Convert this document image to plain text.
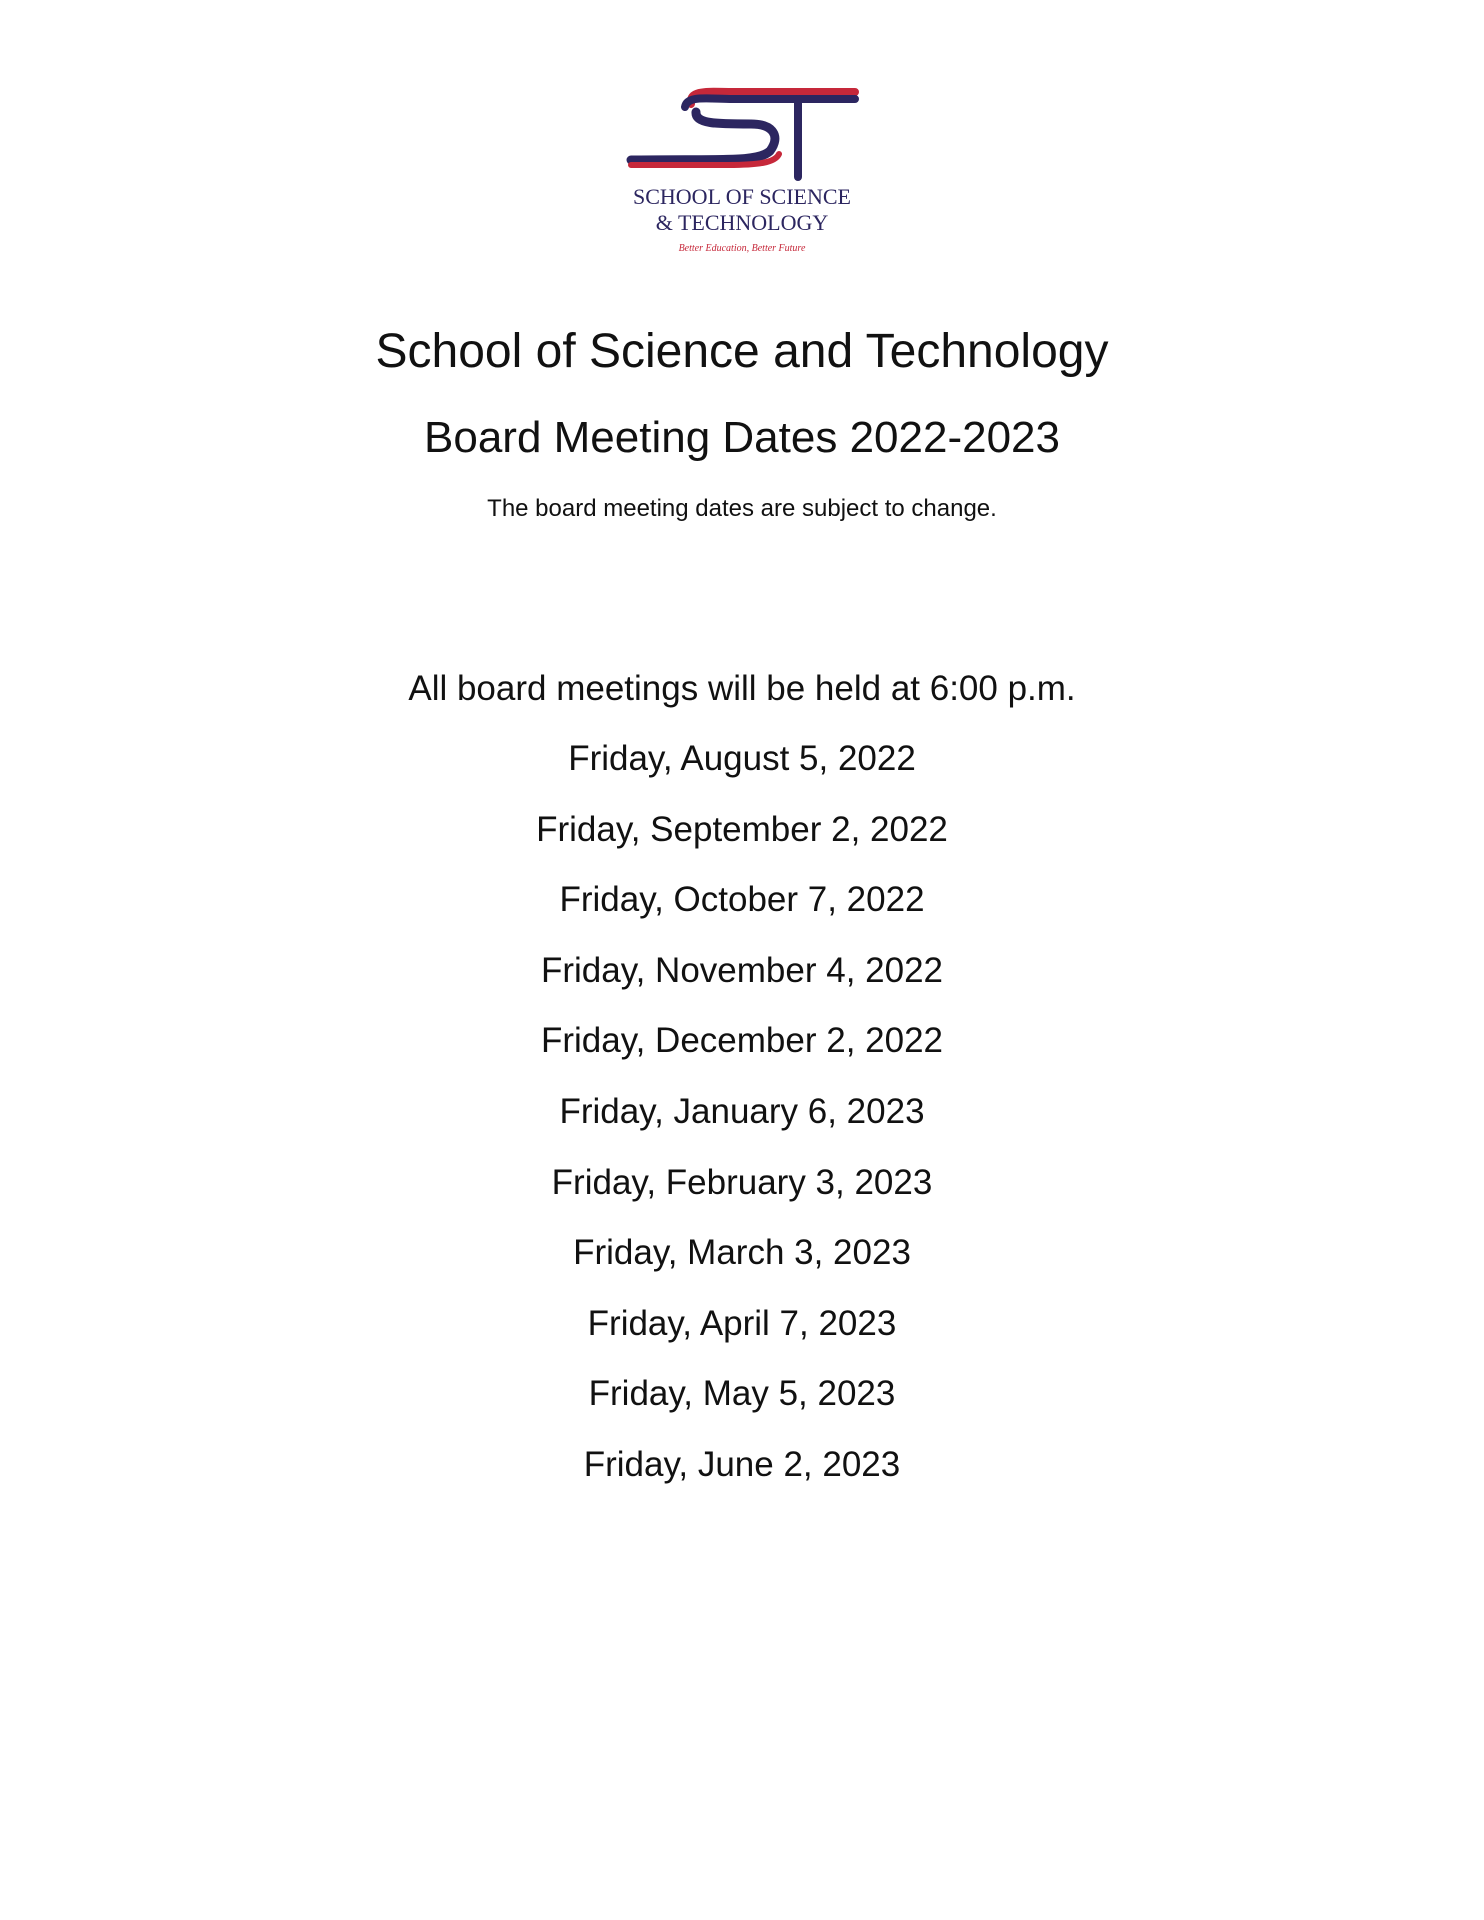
SCHOOL OF SCIENCE
& TECHNOLOGY
Better Education, Better Future
School of Science and Technology
Board Meeting Dates 2022-2023
The board meeting dates are subject to change.
All board meetings will be held at 6:00 p.m.
Friday, August 5, 2022
Friday, September 2, 2022
Friday, October 7, 2022
Friday, November 4, 2022
Friday, December 2, 2022
Friday, January 6, 2023
Friday, February 3, 2023
Friday, March 3, 2023
Friday, April 7, 2023
Friday, May 5, 2023
Friday, June 2, 2023
